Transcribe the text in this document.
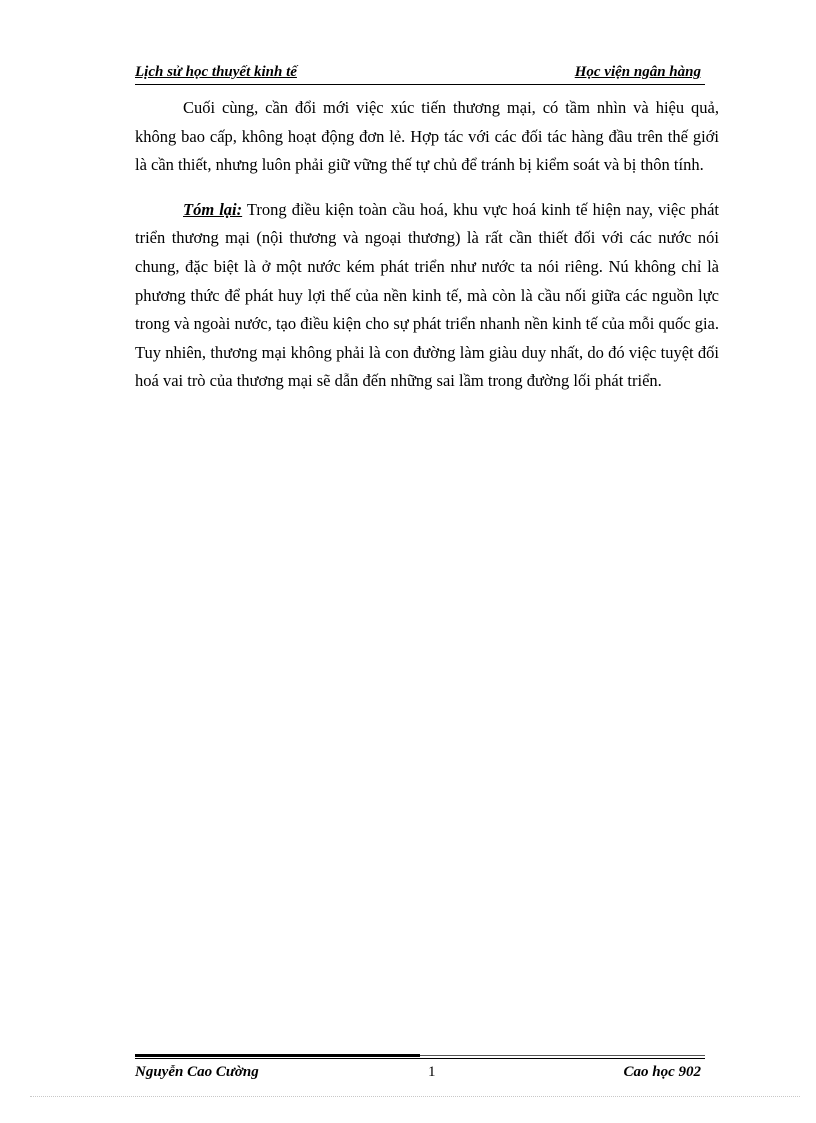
Lịch sử học thuyết kinh tế	Học viện ngân hàng

Cuối cùng, cần đổi mới việc xúc tiến thương mại, có tầm nhìn và hiệu quả, không bao cấp, không hoạt động đơn lẻ. Hợp tác với các đối tác hàng đầu trên thế giới là cần thiết, nhưng luôn phải giữ vững thế tự chủ để tránh bị kiểm soát và bị thôn tính.

Tóm lại: Trong điều kiện toàn cầu hoá, khu vực hoá kinh tế hiện nay, việc phát triển thương mại (nội thương và ngoại thương) là rất cần thiết đối với các nước nói chung, đặc biệt là ở một nước kém phát triển như nước ta nói riêng. Nú không chỉ là phương thức để phát huy lợi thế của nền kinh tế, mà còn là cầu nối giữa các nguồn lực trong và ngoài nước, tạo điều kiện cho sự phát triển nhanh nền kinh tế của mỗi quốc gia. Tuy nhiên, thương mại không phải là con đường làm giàu duy nhất, do đó việc tuyệt đối hoá vai trò của thương mại sẽ dẫn đến những sai lầm trong đường lối phát triển.

Nguyễn Cao Cường	1	Cao học 902
